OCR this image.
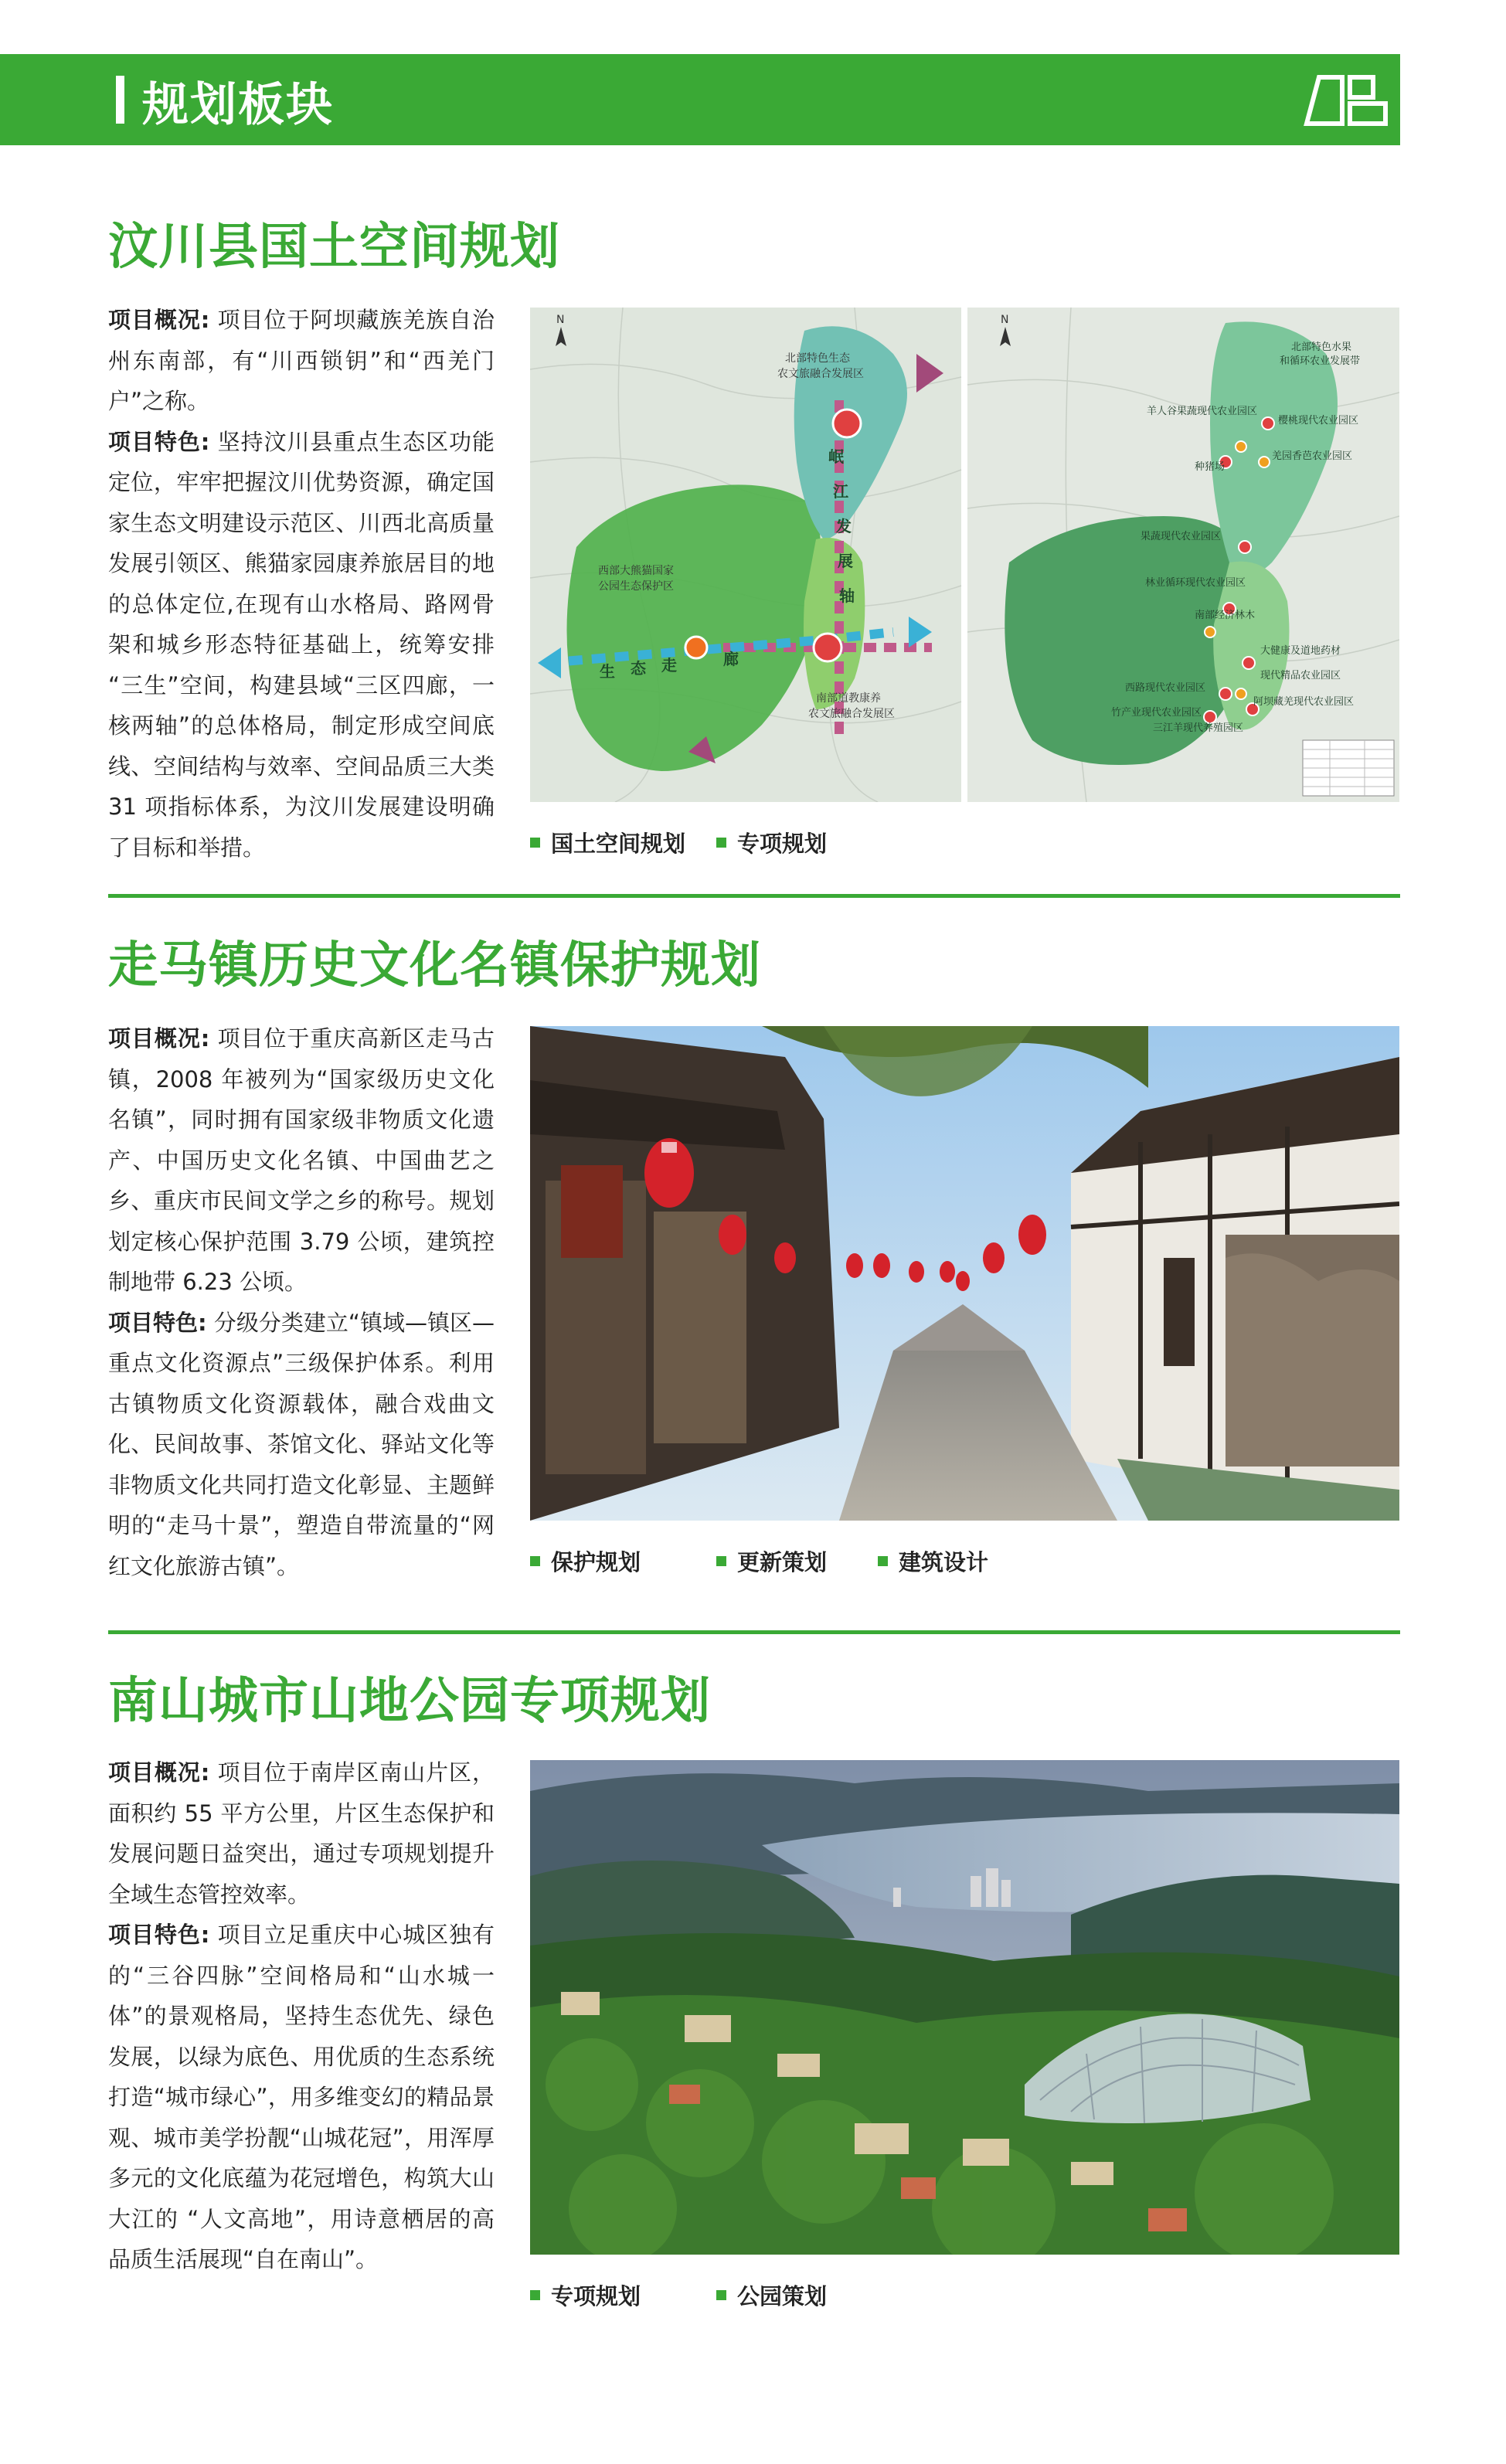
规划板块
汶川县国土空间规划

项目概况: 项目位于阿坝藏族羌族自治州东南部，有“川西锁钥”和“西羌门户”之称。

项目特色: 坚持汶川县重点生态区功能定位，牢牢把握汶川优势资源，确定国家生态文明建设示范区、川西北高质量发展引领区、熊猫家园康养旅居目的地的总体定位,在现有山水格局、路网骨架和城乡形态特征基础上，统筹安排 “三生”空间，构建县域“三区四廊，一核两轴”的总体格局，制定形成空间底线、空间结构与效率、空间品质三大类 31 项指标体系，为汶川发展建设明确了目标和举措。

北部特色生态
农文旅融合发展区
西部大熊猫国家
公园生态保护区
南部道教康养
农文旅融合发展区
岷
江
发
展
轴
生 态 走	廊
N
北部特色水果
和循环农业发展带
羊人谷果蔬现代农业园区
樱桃现代农业园区
羌园香芭农业园区
种猪场
果蔬现代农业园区
林业循环现代农业园区
南部经济林木
大健康及道地药材
现代精品农业园区
西路现代农业园区
竹产业现代农业园区
三江羊现代养殖园区
阿坝藏羌现代农业园区
N
国土空间规划 专项规划
走马镇历史文化名镇保护规划

项目概况: 项目位于重庆高新区走马古镇，2008 年被列为“国家级历史文化名镇”，同时拥有国家级非物质文化遗产、中国历史文化名镇、中国曲艺之乡、重庆市民间文学之乡的称号。规划划定核心保护范围 3.79 公顷，建筑控制地带 6.23 公顷。

项目特色: 分级分类建立“镇域—镇区—重点文化资源点”三级保护体系。利用古镇物质文化资源载体，融合戏曲文化、民间故事、茶馆文化、驿站文化等非物质文化共同打造文化彰显、主题鲜明的“走马十景”，塑造自带流量的“网红文化旅游古镇”。	保护规划	更新策划	建筑设计
南山城市山地公园专项规划

项目概况: 项目位于南岸区南山片区，面积约 55 平方公里，片区生态保护和发展问题日益突出，通过专项规划提升全域生态管控效率。

项目特色: 项目立足重庆中心城区独有的“三谷四脉”空间格局和“山水城一体”的景观格局，坚持生态优先、绿色发展，以绿为底色、用优质的生态系统打造“城市绿心”，用多维变幻的精品景观、城市美学扮靓“山城花冠”，用浑厚多元的文化底蕴为花冠增色，构筑大山大江的 “人文高地”，用诗意栖居的高品质生活展现“自在南山”。

专项规划	公园策划
